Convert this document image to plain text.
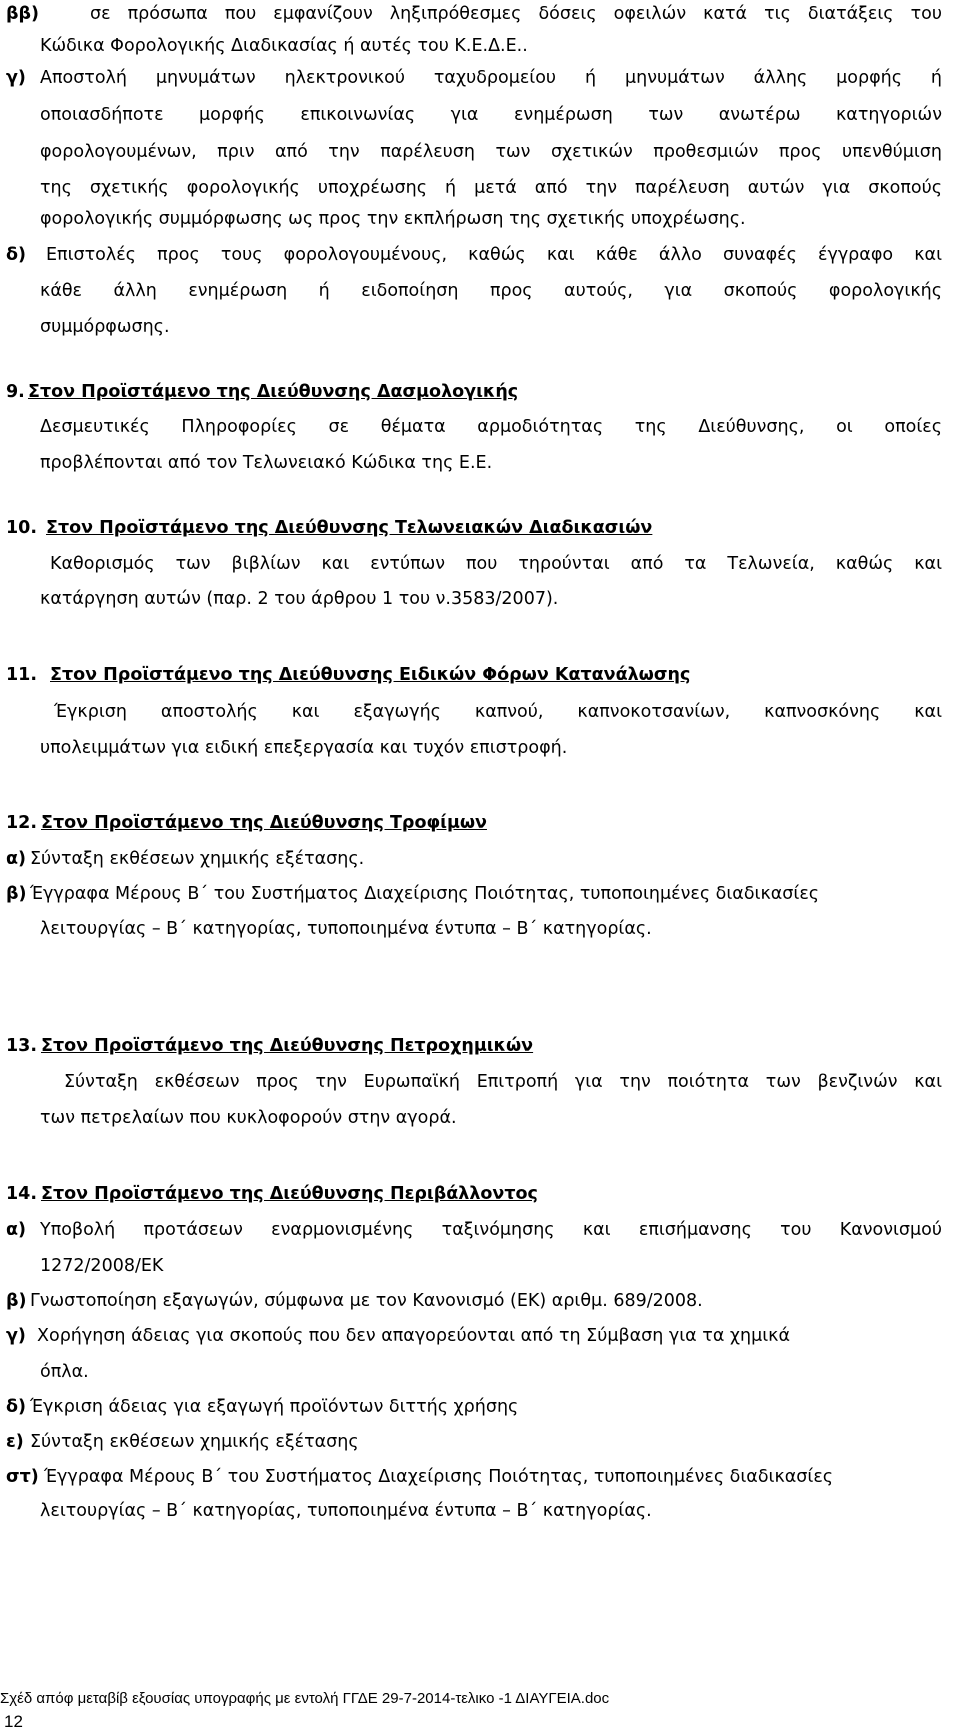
ββ)	σε πρόσωπα που εμφανίζουν ληξιπρόθεσμες δόσεις οφειλών κατά τις διατάξεις του
Κώδικα Φορολογικής Διαδικασίας ή αυτές του Κ.Ε.Δ.Ε..
γ) Αποστολή μηνυμάτων ηλεκτρονικού ταχυδρομείου ή μηνυμάτων άλλης μορφής ή
οποιασδήποτε μορφής επικοινωνίας για ενημέρωση των ανωτέρω κατηγοριών
φορολογουμένων, πριν από την παρέλευση των σχετικών προθεσμιών προς υπενθύμιση
της σχετικής φορολογικής υποχρέωσης ή μετά από την παρέλευση αυτών για σκοπούς
φορολογικής συμμόρφωσης ως προς την εκπλήρωση της σχετικής υποχρέωσης.
δ) Επιστολές προς τους φορολογουμένους, καθώς και κάθε άλλο συναφές έγγραφο και
κάθε άλλη ενημέρωση ή ειδοποίηση προς αυτούς, για σκοπούς φορολογικής
συμμόρφωσης.
9. Στον Προϊστάμενο της Διεύθυνσης Δασμολογικής
Δεσμευτικές Πληροφορίες σε θέματα αρμοδιότητας της Διεύθυνσης, οι οποίες
προβλέπονται από τον Τελωνειακό Κώδικα της Ε.Ε.
10. Στον Προϊστάμενο της Διεύθυνσης Τελωνειακών Διαδικασιών
Καθορισμός των βιβλίων και εντύπων που τηρούνται από τα Τελωνεία, καθώς και
κατάργηση αυτών (παρ. 2 του άρθρου 1 του ν.3583/2007).
11. Στον Προϊστάμενο της Διεύθυνσης Ειδικών Φόρων Κατανάλωσης
Έγκριση αποστολής και εξαγωγής καπνού, καπνοκοτσανίων, καπνοσκόνης και
υπολειμμάτων για ειδική επεξεργασία και τυχόν επιστροφή.
12. Στον Προϊστάμενο της Διεύθυνσης Τροφίμων
α) Σύνταξη εκθέσεων χημικής εξέτασης.
β) Έγγραφα Μέρους Β΄ του Συστήματος Διαχείρισης Ποιότητας, τυποποιημένες διαδικασίες
λειτουργίας – Β΄ κατηγορίας, τυποποιημένα έντυπα – Β΄ κατηγορίας.
13. Στον Προϊστάμενο της Διεύθυνσης Πετροχημικών
Σύνταξη εκθέσεων προς την Ευρωπαϊκή Επιτροπή για την ποιότητα των βενζινών και
των πετρελαίων που κυκλοφορούν στην αγορά.
14. Στον Προϊστάμενο της Διεύθυνσης Περιβάλλοντος
α) Υποβολή προτάσεων εναρμονισμένης ταξινόμησης και επισήμανσης του Κανονισμού
1272/2008/ΕΚ
β) Γνωστοποίηση εξαγωγών, σύμφωνα με τον Κανονισμό (ΕΚ) αριθμ. 689/2008.
γ) Χορήγηση άδειας για σκοπούς που δεν απαγορεύονται από τη Σύμβαση για τα χημικά
όπλα.
δ) Έγκριση άδειας για εξαγωγή προϊόντων διττής χρήσης
ε) Σύνταξη εκθέσεων χημικής εξέτασης
στ) Έγγραφα Μέρους Β΄ του Συστήματος Διαχείρισης Ποιότητας, τυποποιημένες διαδικασίες
λειτουργίας – Β΄ κατηγορίας, τυποποιημένα έντυπα – Β΄ κατηγορίας.
Σχέδ απόφ μεταβίβ εξουσίας υπογραφής με εντολή ΓΓΔΕ 29-7-2014-τελικο -1 ΔΙΑΥΓΕΙΑ.doc
12
